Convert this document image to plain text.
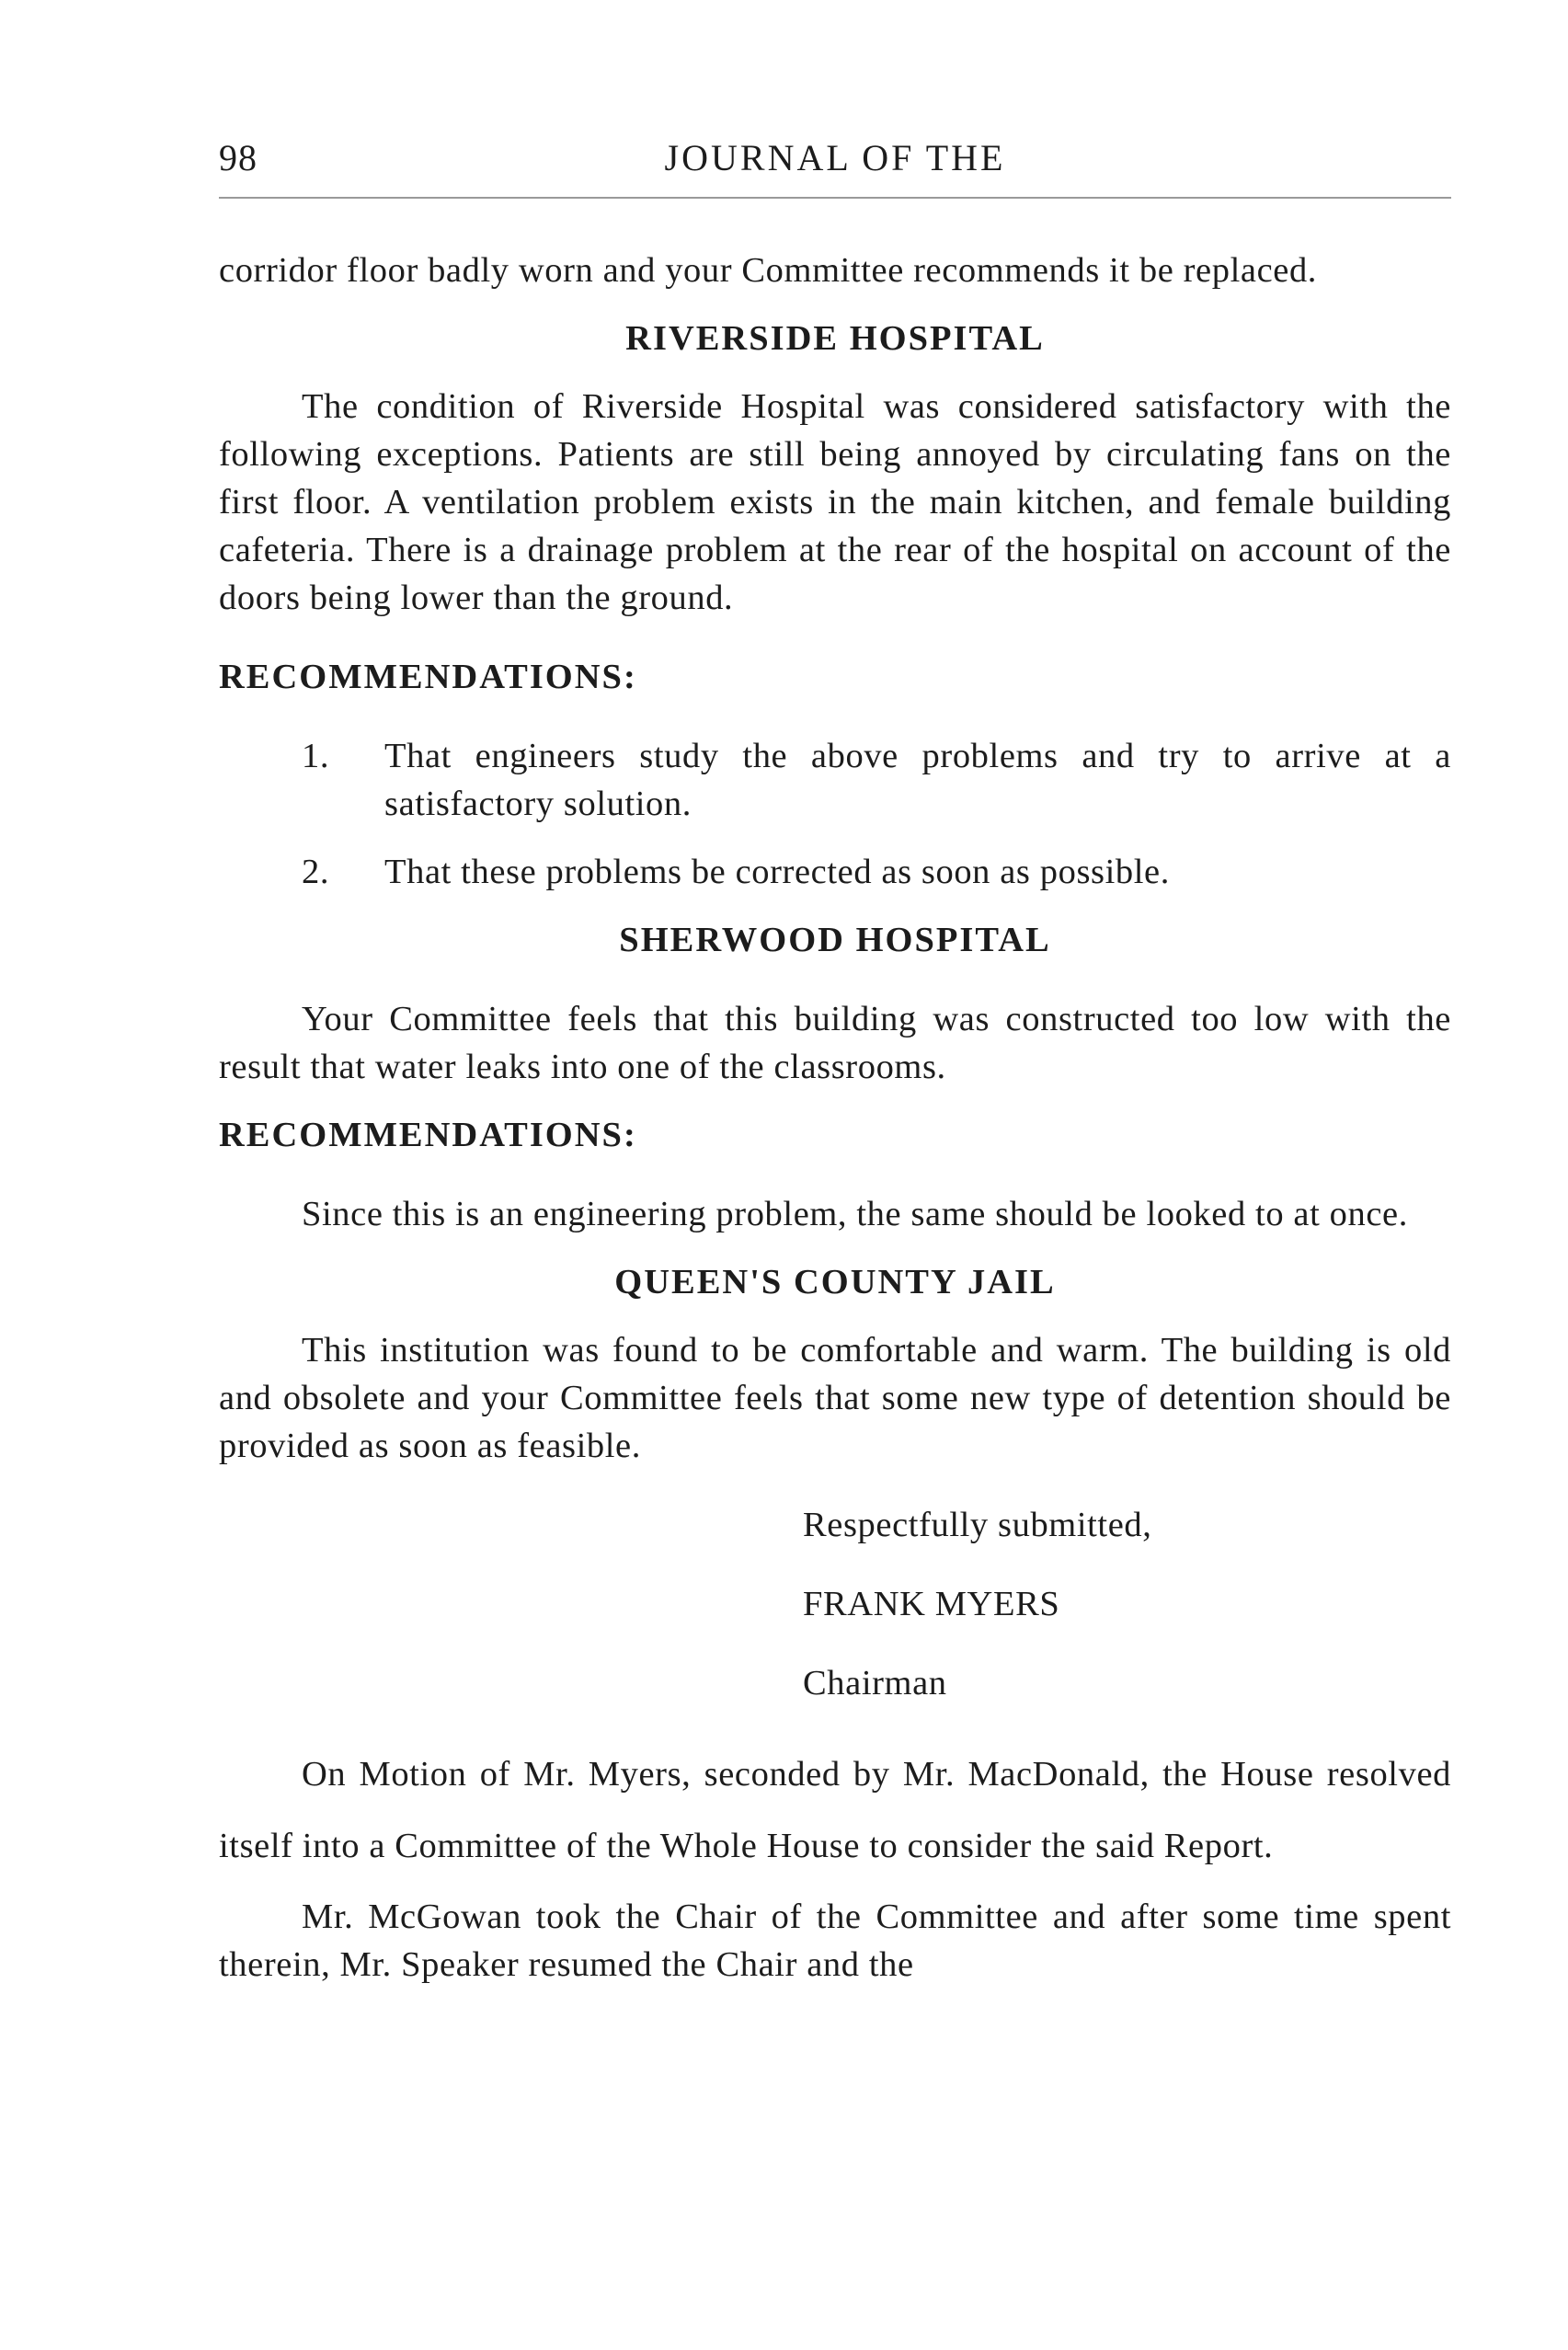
98	JOURNAL OF THE

corridor floor badly worn and your Committee recommends it be replaced.

RIVERSIDE HOSPITAL

The condition of Riverside Hospital was considered satisfactory with the following exceptions. Patients are still being annoyed by circulating fans on the first floor. A ventilation problem exists in the main kitchen, and female building cafeteria. There is a drainage problem at the rear of the hospital on account of the doors being lower than the ground.

RECOMMENDATIONS:

1. That engineers study the above problems and try to arrive at a satisfactory solution.

2. That these problems be corrected as soon as possible.

SHERWOOD HOSPITAL

Your Committee feels that this building was constructed too low with the result that water leaks into one of the classrooms.

RECOMMENDATIONS:

Since this is an engineering problem, the same should be looked to at once.

QUEEN'S COUNTY JAIL

This institution was found to be comfortable and warm. The building is old and obsolete and your Committee feels that some new type of detention should be provided as soon as feasible.

Respectfully submitted,

FRANK MYERS

Chairman

On Motion of Mr. Myers, seconded by Mr. MacDonald, the House resolved itself into a Committee of the Whole House to consider the said Report.

Mr. McGowan took the Chair of the Committee and after some time spent therein, Mr. Speaker resumed the Chair and the
